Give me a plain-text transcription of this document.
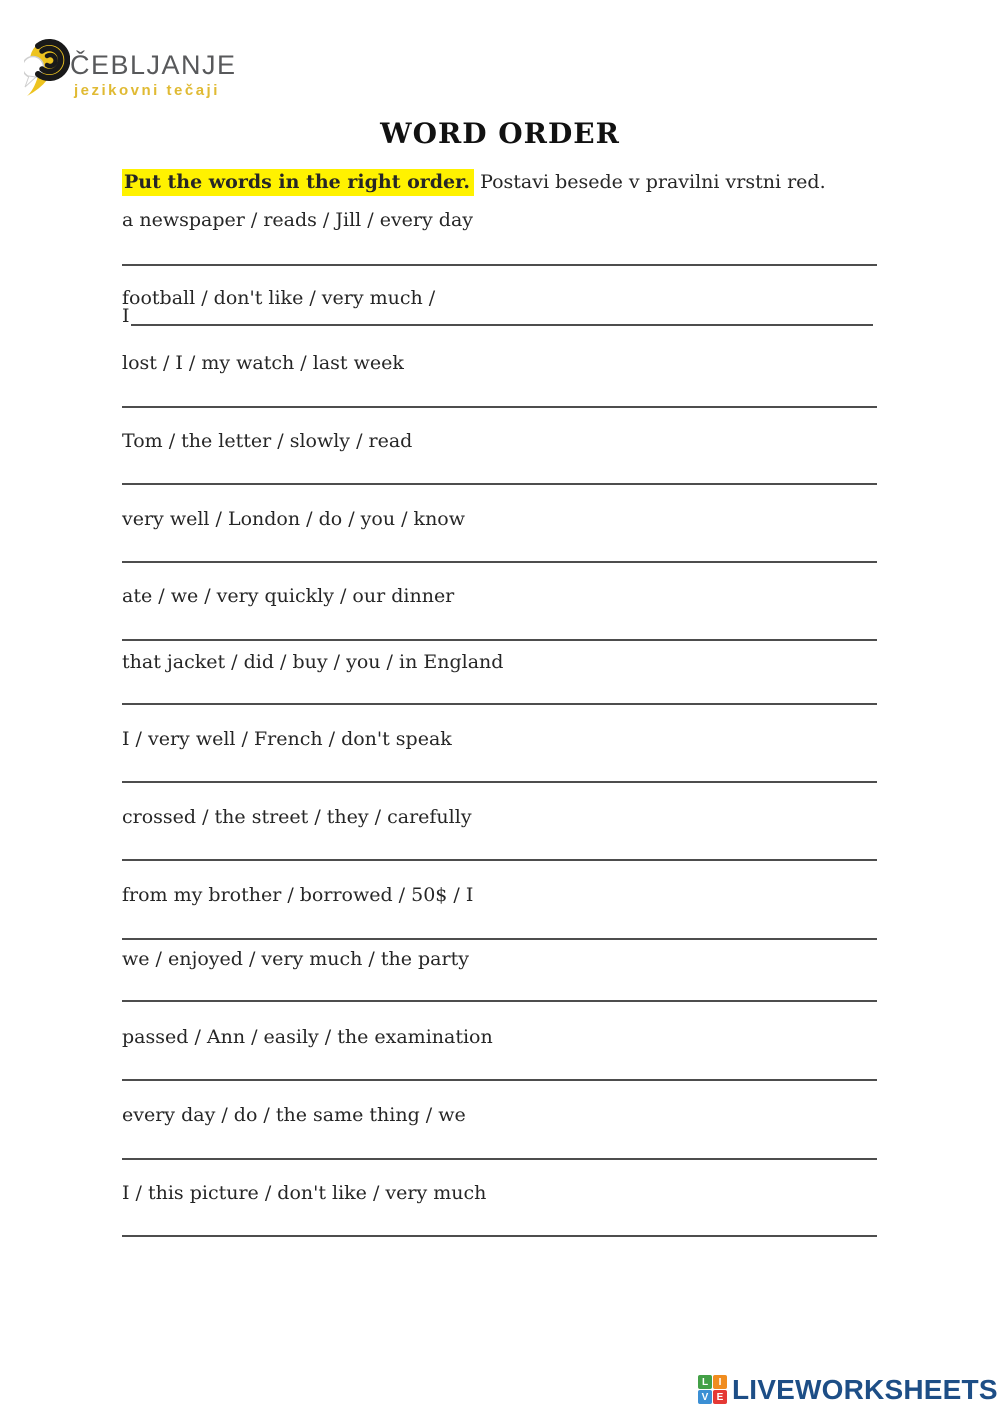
ČEBLJANJE
jezikovni tečaji
WORD ORDER

Put the words in the right order. Postavi besede v pravilni vrstni red.

a newspaper / reads / Jill / every day

football / don't like / very much /

I

lost / I / my watch / last week

Tom / the letter / slowly / read

very well / London / do / you / know

ate / we / very quickly / our dinner

that jacket / did / buy / you / in England

I / very well / French / don't speak

crossed / the street / they / carefully

from my brother / borrowed / 50$ / I

we / enjoyed / very much / the party

passed / Ann / easily / the examination

every day / do / the same thing / we

I / this picture / don't like / very much

L	I
V E LIVEWORKSHEETS
